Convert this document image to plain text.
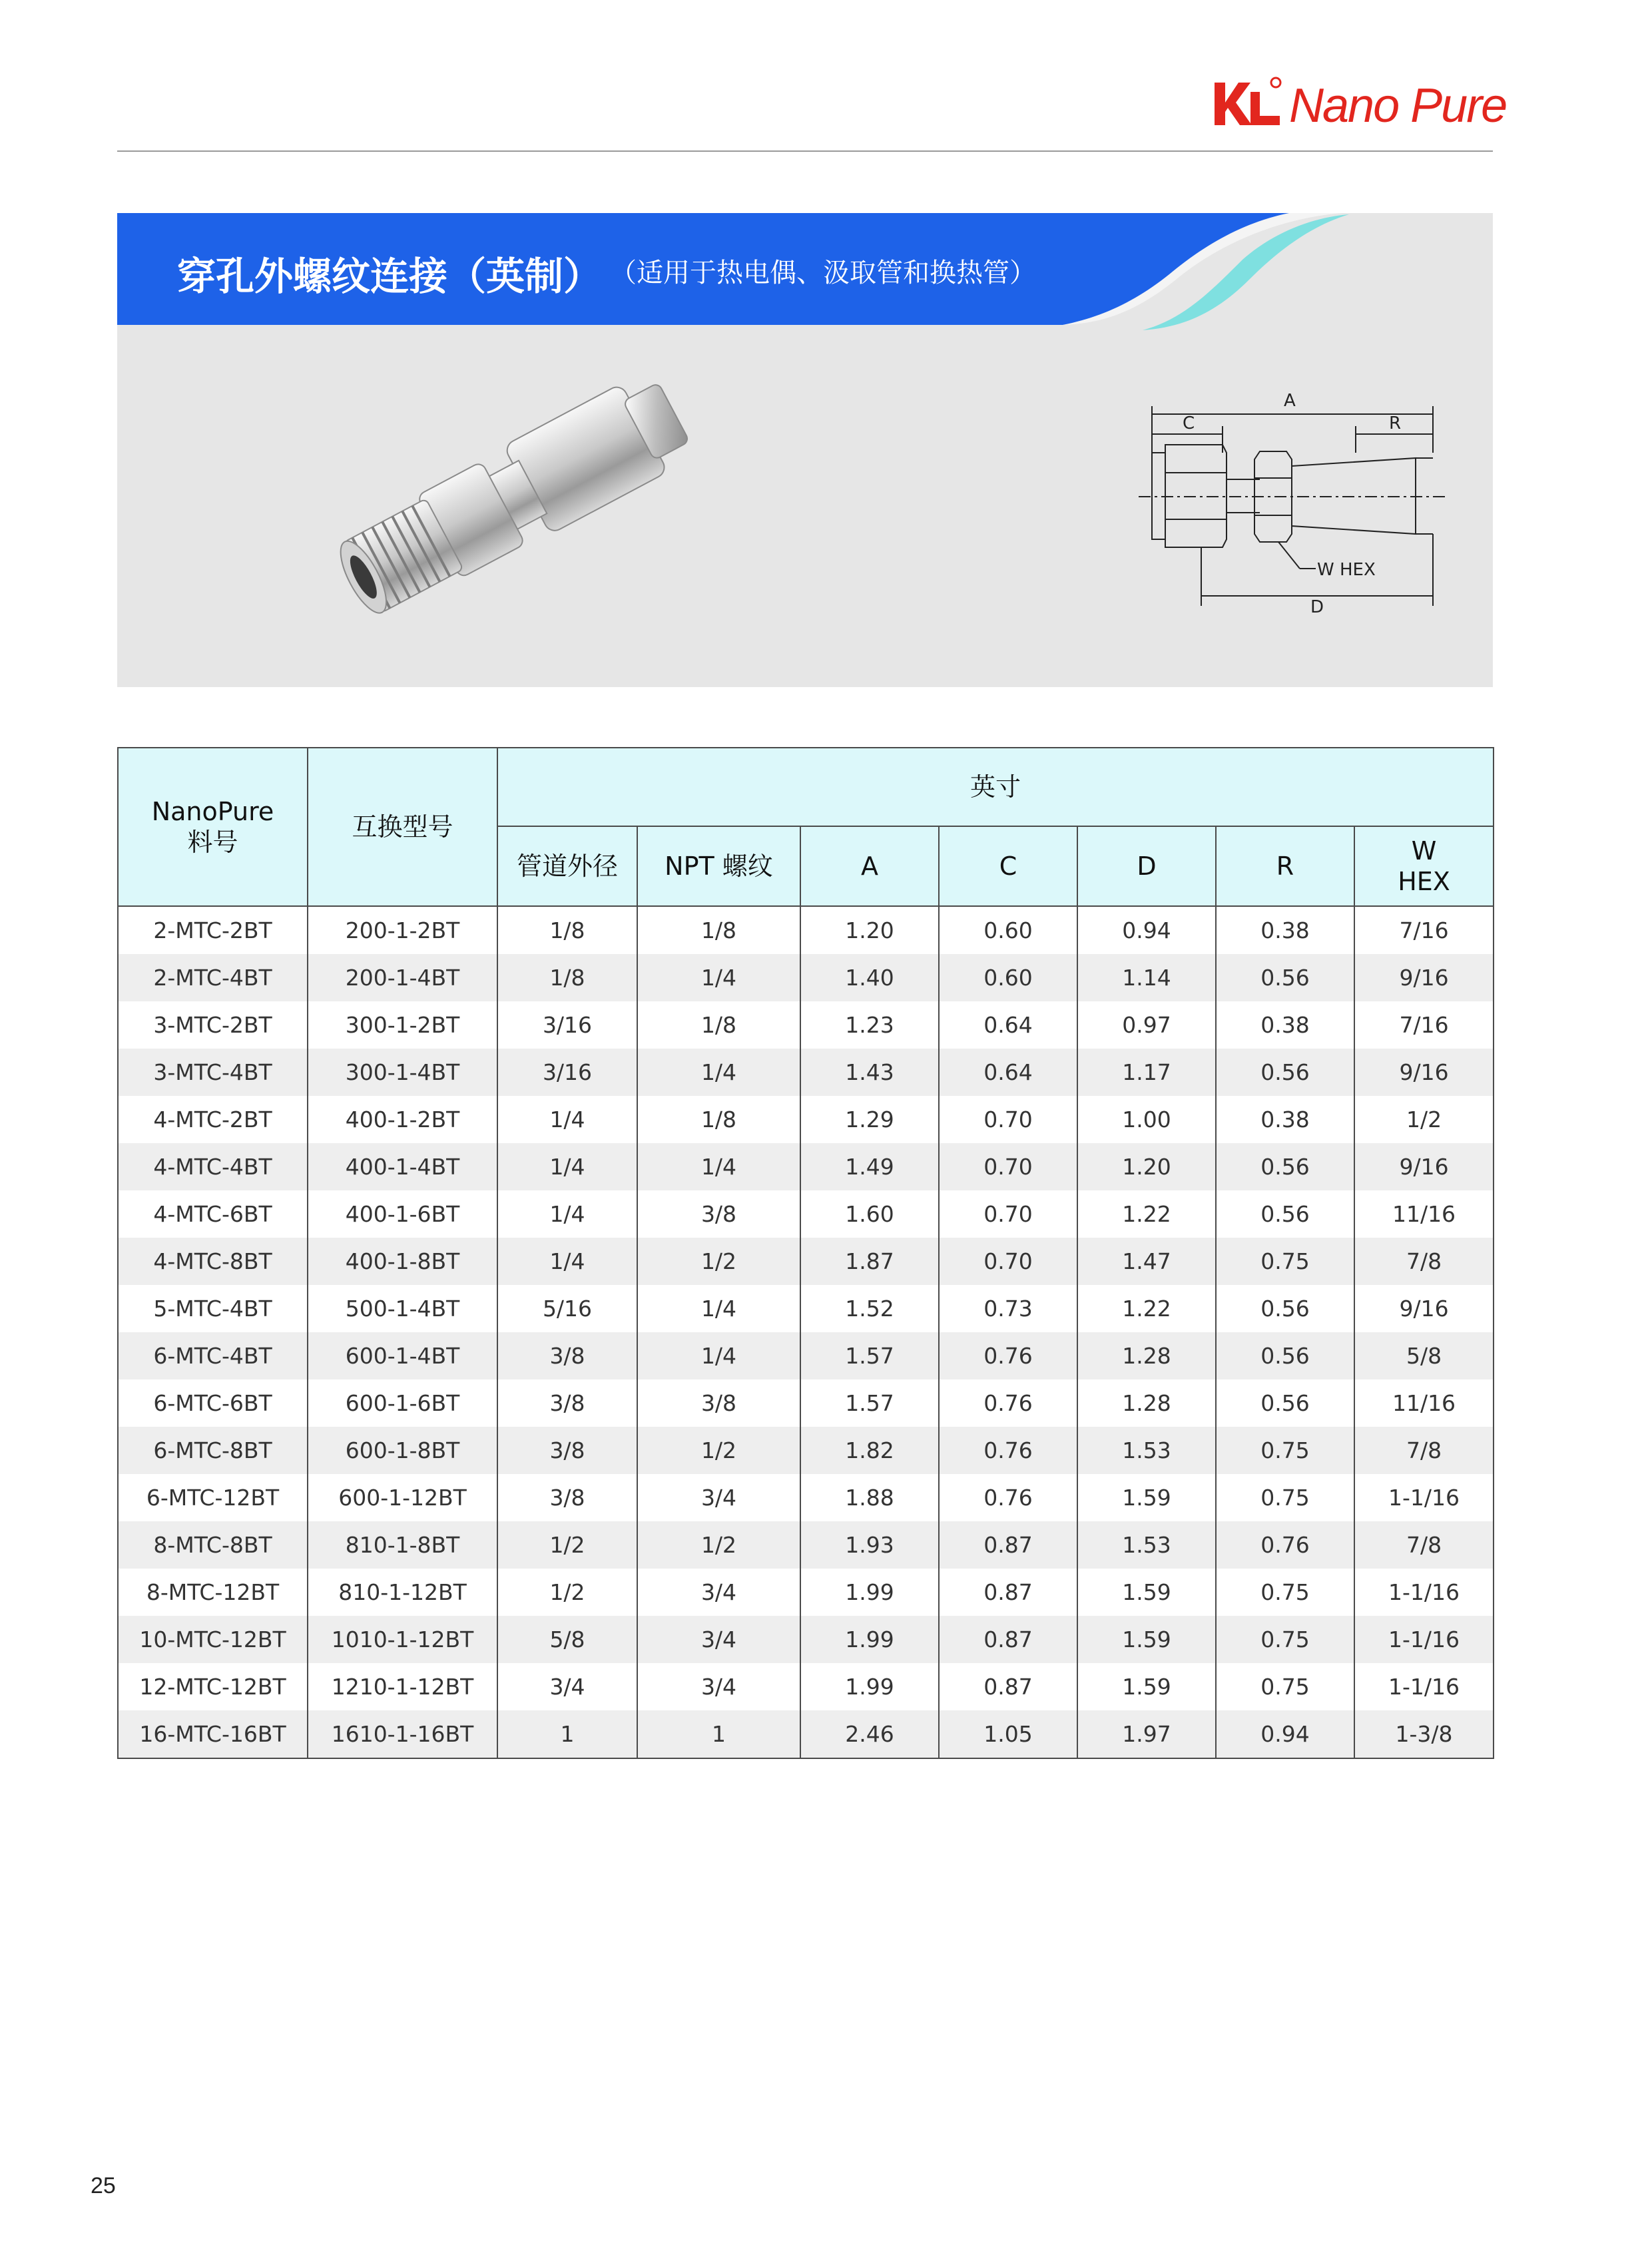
Nano Pure
穿孔外螺纹连接（英制） （适用于热电偶、汲取管和换热管）
A
C	R
D
W HEX
NanoPure
料号	互换型号	英寸						
		管道外径	NPT 螺纹	A	C	D	R	W
HEX
2-MTC-2BT	200-1-2BT	1/8	1/8	1.20	0.60	0.94	0.38	7/16
2-MTC-4BT	200-1-4BT	1/8	1/4	1.40	0.60	1.14	0.56	9/16
3-MTC-2BT	300-1-2BT	3/16	1/8	1.23	0.64	0.97	0.38	7/16
3-MTC-4BT	300-1-4BT	3/16	1/4	1.43	0.64	1.17	0.56	9/16
4-MTC-2BT	400-1-2BT	1/4	1/8	1.29	0.70	1.00	0.38	1/2
4-MTC-4BT	400-1-4BT	1/4	1/4	1.49	0.70	1.20	0.56	9/16
4-MTC-6BT	400-1-6BT	1/4	3/8	1.60	0.70	1.22	0.56	11/16
4-MTC-8BT	400-1-8BT	1/4	1/2	1.87	0.70	1.47	0.75	7/8
5-MTC-4BT	500-1-4BT	5/16	1/4	1.52	0.73	1.22	0.56	9/16
6-MTC-4BT	600-1-4BT	3/8	1/4	1.57	0.76	1.28	0.56	5/8
6-MTC-6BT	600-1-6BT	3/8	3/8	1.57	0.76	1.28	0.56	11/16
6-MTC-8BT	600-1-8BT	3/8	1/2	1.82	0.76	1.53	0.75	7/8
6-MTC-12BT	600-1-12BT	3/8	3/4	1.88	0.76	1.59	0.75	1-1/16
8-MTC-8BT	810-1-8BT	1/2	1/2	1.93	0.87	1.53	0.76	7/8
8-MTC-12BT	810-1-12BT	1/2	3/4	1.99	0.87	1.59	0.75	1-1/16
10-MTC-12BT	1010-1-12BT	5/8	3/4	1.99	0.87	1.59	0.75	1-1/16
12-MTC-12BT	1210-1-12BT	3/4	3/4	1.99	0.87	1.59	0.75	1-1/16
16-MTC-16BT	1610-1-16BT	1	1	2.46	1.05	1.97	0.94	1-3/8
25
